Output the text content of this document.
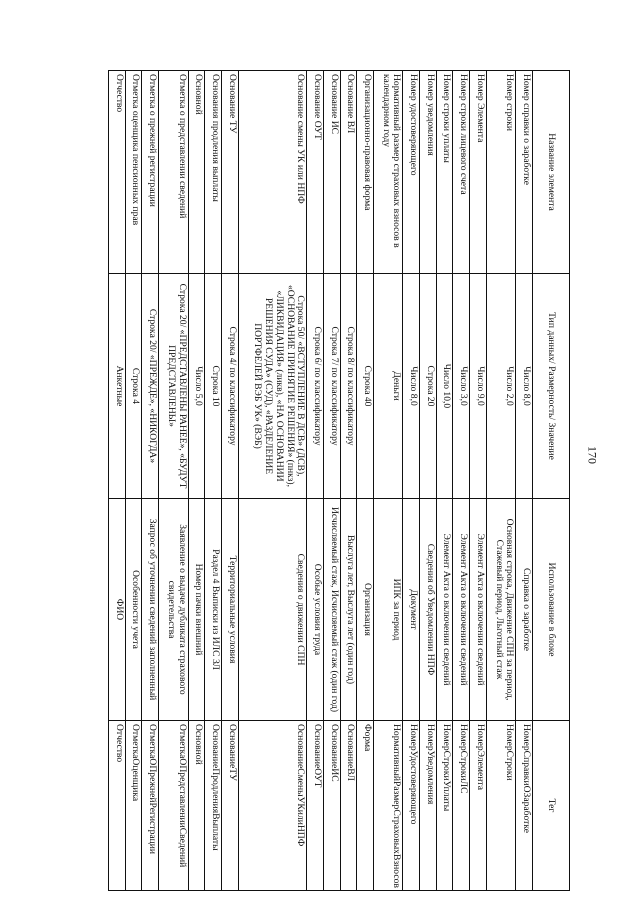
170
Название элемента	Тип данных/ Размерность/ Значение	Использование в блоке	Тег
Номер справки о заработке	Число 8,0	Справка о заработке	НомерСправкиОЗаработке
Номер строки	Число 2,0	Основная строка, Движение СПН за период, Стажевый период, Льготный стаж	НомерСтроки
Номер Элемента	Число 9,0	Элемент Акта о включении сведений	НомерЭлемента
Номер строки лицевого счета	Число 3,0	Элемент Акта о включении сведений	НомерСтрокиЛС
Номер строки уплаты	Число 10,0	Элемент Акта о включении сведений	НомерСтрокиУплаты
Номер уведомления	Строка 20	Сведения об Уведомлении НПФ	НомерУведомления
Номер удостоверяющего	Число 8,0	Документ	НомерУдостоверяющего
Нормативный размер страховых взносов в календарном году	Деньги	ИПК за период	НормативныйРазмерСтраховыхВзносов
Организационно-правовая форма	Строка 40	Организация	Форма
Основание ВЛ	Строка 8/ по классификатору	Выслуга лет, Выслуга лет (один год)	ОснованиеВЛ
Основание ИС	Строка 7/ по классификатору	Исчисляемый стаж, Исчисляемый стаж (один год)	ОснованиеИС
Основание ОУТ	Строка 6/ по классификатору	Особые условия труда	ОснованиеОУТ
Основание смены УК или НПФ	Строка 50/ «ВСТУПЛЕНИЕ В ДСВ» (ДСВ), «ОСНОВАНИЕ ПРИНЯТИЕ РЕШЕНИЯ» (пнкз), «ЛИКВИДАЦИЯ» (ликв), «НА ОСНОВАНИИ РЕШЕНИЯ СУДА» (СУД), «РАЗДЕЛЕНИЕ ПОРТФЕЛЕЙ ВЭБ УК» (ВЭБ)	Сведения о движении СПН	ОснованиеСменыУКилиНПФ
Основание ТУ	Строка 4/ по классификатору	Территориальные условия	ОснованиеТУ
Основания продления выплаты	Строка 10	Раздел 4 Выписки из ИЛС ЗЛ	ОснованиеПродленияВыплаты
Основной	Число 5,0	Номер пачки внешний	Основной
Отметка о представлении сведений	Строка 20/ «ПРЕДСТАВЛЕНЫ РАНЕЕ», «БУДУТ ПРЕДСТАВЛЕНЫ»	Заявление о выдаче дубликата страхового свидетельства	ОтметкаОПредставленииСведений
Отметка о прежней регистрации	Строка 20/ «ПРЕЖДЕ», «НИКОГДА»	Запрос об уточнении сведений заполненный	ОтметкаОПрежнейРегистрации
Отметка оценщика пенсионных прав	Строка 4	Особенности учета	ОтметкаОценщика
Отчество	Анкетные	ФИО	Отчество
